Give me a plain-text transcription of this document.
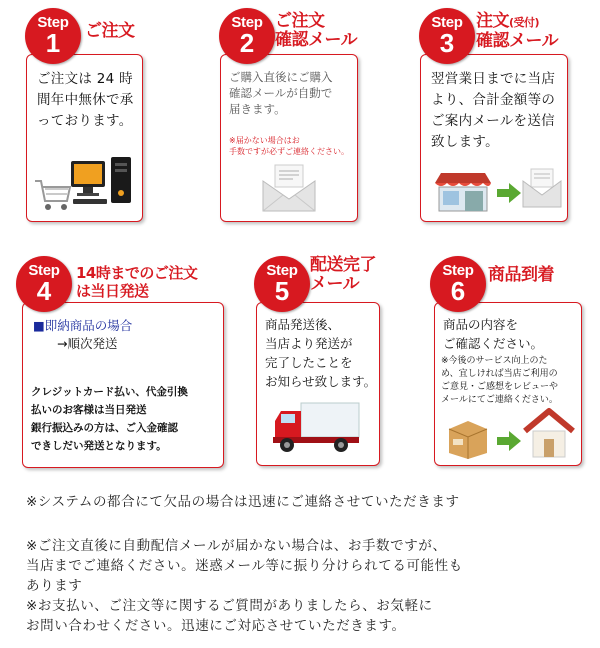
ご注文は 24 時
間年中無休で承
っております。
Step
1	ご注文
ご購入直後にご購入
確認メールが自動で
届きます。
※届かない場合はお
手数ですが必ずご連絡ください。
Step
2
ご注文
確認メール
翌営業日までに当店
より、合計金額等の
ご案内メールを送信
致します。
Step
3
注文(受付)
確認メール
■即納商品の場合
→順次発送
クレジットカード払い、代金引換
払いのお客様は当日発送
銀行振込みの方は、ご入金確認
できしだい発送となります。
Step
4
14時までのご注文
は当日発送
商品発送後、
当店より発送が
完了したことを
お知らせ致します。
Step
5
配送完了
メール
商品の内容を
ご確認ください。
※今後のサービス向上のた
め、宜しければ当店ご利用の
ご意見・ご感想をレビューや
メールにてご連絡ください。
Step
6
商品到着
※システムの都合にて欠品の場合は迅速にご連絡させていただきます
※ご注文直後に自動配信メールが届かない場合は、お手数ですが、
当店までご連絡ください。迷惑メール等に振り分けられてる可能性も
あります
※お支払い、ご注文等に関するご質問がありましたら、お気軽に
お問い合わせください。迅速にご対応させていただきます。
